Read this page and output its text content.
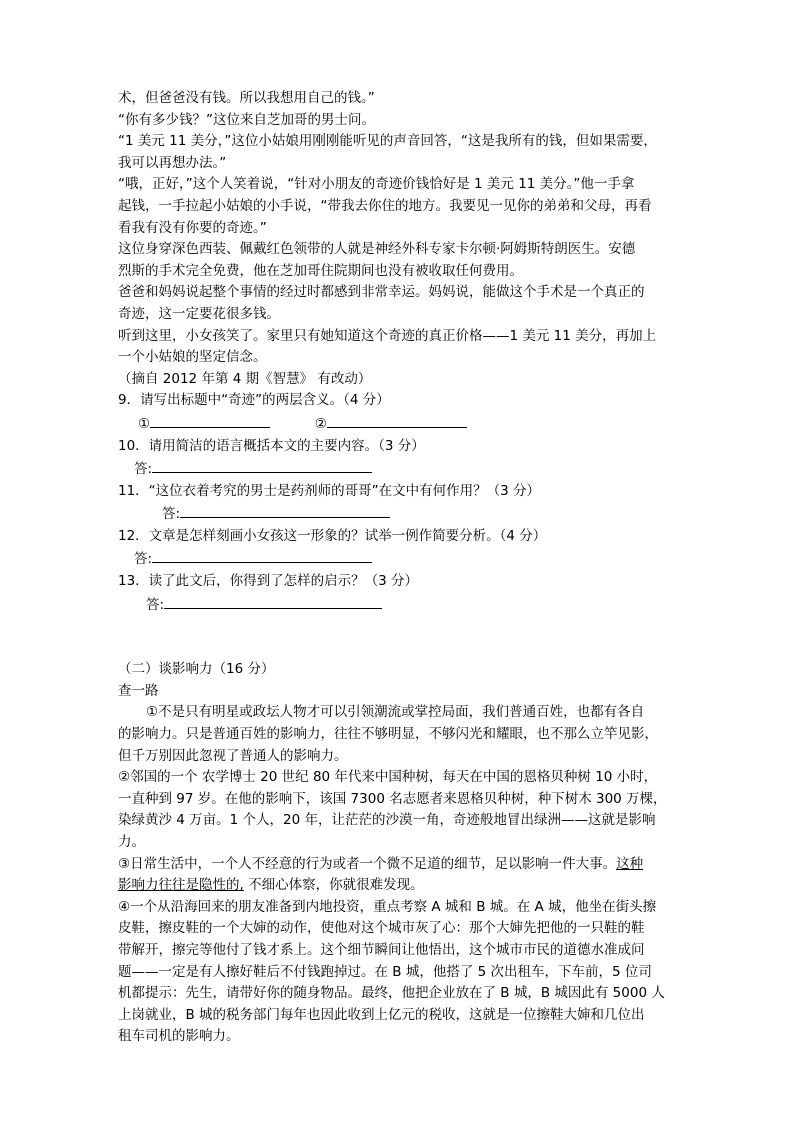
术，但爸爸没有钱。所以我想用自己的钱。”
“你有多少钱？”这位来自芝加哥的男士问。
“1 美元 11 美分，”这位小姑娘用刚刚能听见的声音回答，“这是我所有的钱，但如果需要，
我可以再想办法。”
“哦，正好，”这个人笑着说，“针对小朋友的奇迹价钱恰好是 1 美元 11 美分。”他一手拿
起钱，一手拉起小姑娘的小手说，“带我去你住的地方。我要见一见你的弟弟和父母，再看
看我有没有你要的奇迹。”
这位身穿深色西装、佩戴红色领带的人就是神经外科专家卡尔顿·阿姆斯特朗医生。安德
烈斯的手术完全免费，他在芝加哥住院期间也没有被收取任何费用。
爸爸和妈妈说起整个事情的经过时都感到非常幸运。妈妈说，能做这个手术是一个真正的
奇迹，这一定要花很多钱。
听到这里，小女孩笑了。家里只有她知道这个奇迹的真正价格——1 美元 11 美分，再加上
一个小姑娘的坚定信念。
（摘自 2012 年第 4 期《智慧》 有改动）
9．请写出标题中“奇迹”的两层含义。（4 分）
①	②
10．请用简洁的语言概括本文的主要内容。（3 分）
答:
11．“这位衣着考究的男士是药剂师的哥哥”在文中有何作用？（3 分）
答:
12．文章是怎样刻画小女孩这一形象的？试举一例作简要分析。（4 分）
答:
13．读了此文后，你得到了怎样的启示？（3 分）
答:
（二）谈影响力（16 分）
查一路
①不是只有明星或政坛人物才可以引领潮流或掌控局面，我们普通百姓，也都有各自
的影响力。只是普通百姓的影响力，往往不够明显，不够闪光和耀眼，也不那么立竿见影，
但千万别因此忽视了普通人的影响力。
②邻国的一个 农学博士 20 世纪 80 年代来中国种树，每天在中国的恩格贝种树 10 小时，
一直种到 97 岁。在他的影响下，该国 7300 名志愿者来恩格贝种树，种下树木 300 万棵，
染绿黄沙 4 万亩。1 个人，20 年，让茫茫的沙漠一角，奇迹般地冒出绿洲——这就是影响
力。
③日常生活中，一个人不经意的行为或者一个微不足道的细节，足以影响一件大事。这种
影响力往往是隐性的, 不细心体察，你就很难发现。
④一个从沿海回来的朋友准备到内地投资，重点考察 A 城和 B 城。在 A 城，他坐在街头擦
皮鞋，擦皮鞋的一个大婶的动作，使他对这个城市灰了心：那个大婶先把他的一只鞋的鞋
带解开，擦完等他付了钱才系上。这个细节瞬间让他悟出，这个城市市民的道德水准成问
题——一定是有人擦好鞋后不付钱跑掉过。在 B 城，他搭了 5 次出租车，下车前，5 位司
机都提示：先生，请带好你的随身物品。最终，他把企业放在了 B 城，B 城因此有 5000 人
上岗就业，B 城的税务部门每年也因此收到上亿元的税收，这就是一位擦鞋大婶和几位出
租车司机的影响力。
